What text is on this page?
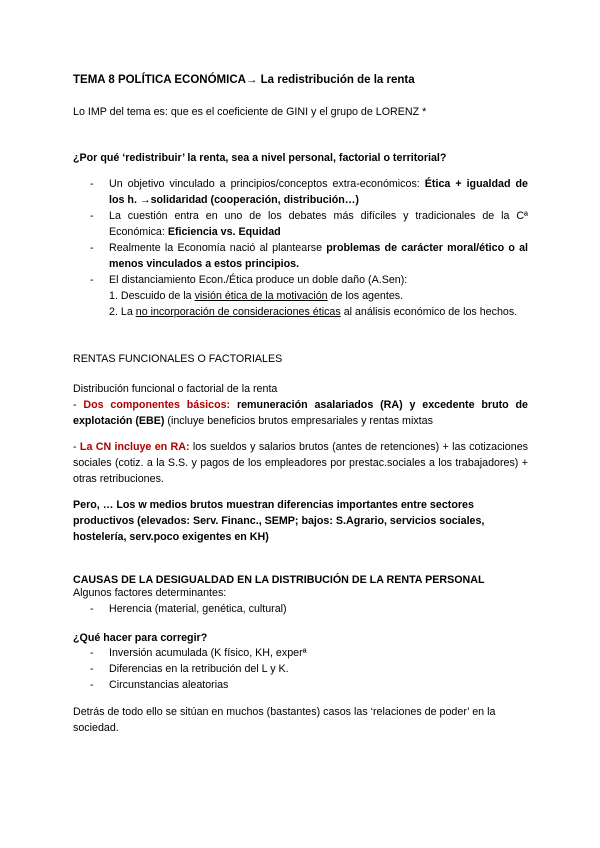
TEMA 8 POLÍTICA ECONÓMICA→ La redistribución de la renta
Lo IMP del tema es: que es el coeficiente de GINI y el grupo de LORENZ *
¿Por qué ‘redistribuir’ la renta, sea a nivel personal, factorial o territorial?
- Un objetivo vinculado a principios/conceptos extra-económicos: Ética + igualdad de los h. →solidaridad (cooperación, distribución…)
- La cuestión entra en uno de los debates más difíciles y tradicionales de la Cª Económica: Eficiencia vs. Equidad
- Realmente la Economía nació al plantearse problemas de carácter moral/ético o al menos vinculados a estos principios.
- El distanciamiento Econ./Ética produce un doble daño (A.Sen):
1. Descuido de la visión ética de la motivación de los agentes.
2. La no incorporación de consideraciones éticas al análisis económico de los hechos.
RENTAS FUNCIONALES O FACTORIALES
Distribución funcional o factorial de la renta
- Dos componentes básicos: remuneración asalariados (RA) y excedente bruto de explotación (EBE) (incluye beneficios brutos empresariales y rentas mixtas
- La CN incluye en RA: los sueldos y salarios brutos (antes de retenciones) + las cotizaciones sociales (cotiz. a la S.S. y pagos de los empleadores por prestac.sociales a los trabajadores) + otras retribuciones.
Pero, … Los w medios brutos muestran diferencias importantes entre sectores productivos (elevados: Serv. Financ., SEMP; bajos: S.Agrario, servicios sociales, hostelería, serv.poco exigentes en KH)
CAUSAS DE LA DESIGUALDAD EN LA DISTRIBUCIÓN DE LA RENTA PERSONAL
Algunos factores determinantes:
- Herencia (material, genética, cultural)
¿Qué hacer para corregir?
- Inversión acumulada (K físico, KH, experª
- Diferencias en la retribución del L y K.
- Circunstancias aleatorias
Detrás de todo ello se sitúan en muchos (bastantes) casos las ‘relaciones de poder’ en la sociedad.
